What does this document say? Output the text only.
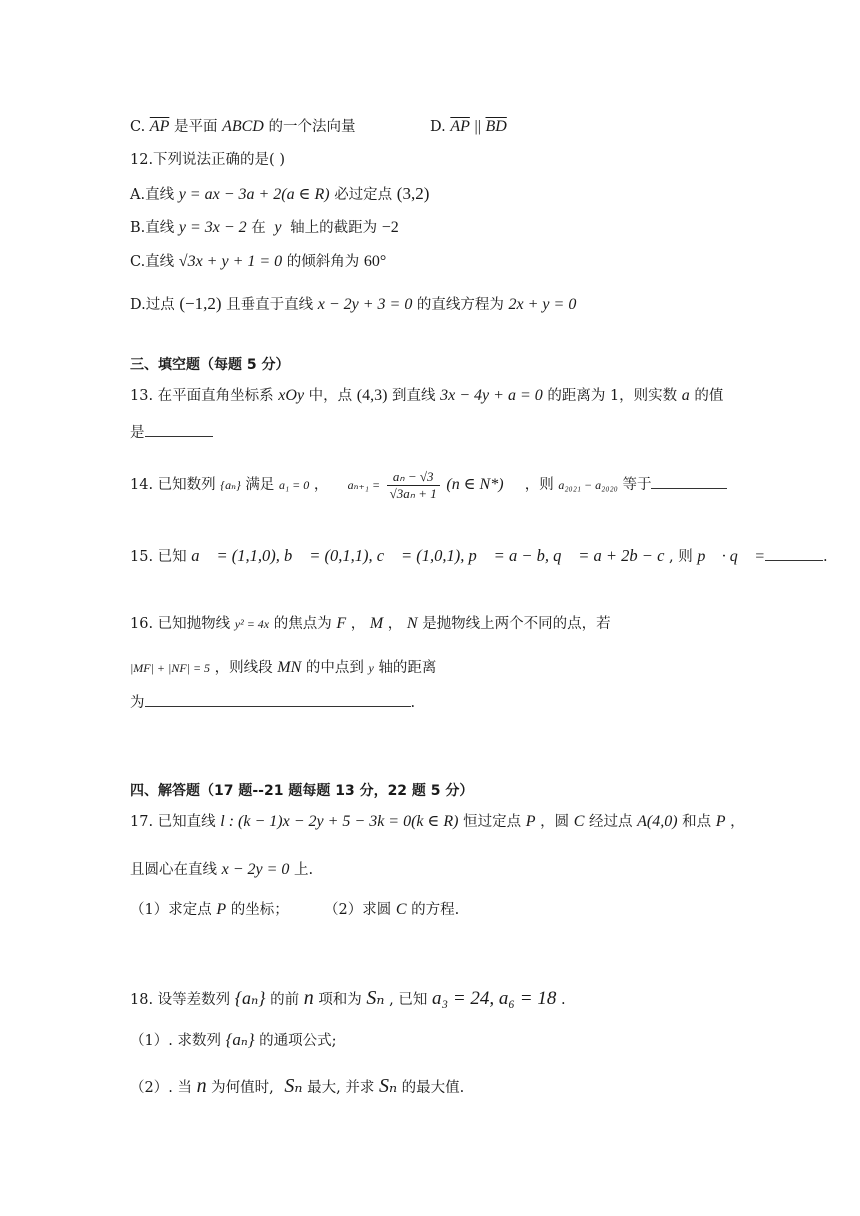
C. $\overline{AP}$ 是平面 ABCD 的一个法向量	D. $\overline{AP}$ || $\overline{BD}$
12.下列说法正确的是( )
A.直线 y = ax − 3a + 2(a ∈ R) 必过定点 (3,2)
B.直线 y = 3x − 2 在 y 轴上的截距为 −2
C.直线 √3x + y + 1 = 0 的倾斜角为 60°
D.过点 (−1,2) 且垂直于直线 x − 2y + 3 = 0 的直线方程为 2x + y = 0
三、填空题（每题 5 分）
13. 在平面直角坐标系 xOy 中，点 (4,3) 到直线 3x − 4y + a = 0 的距离为 1，则实数 a 的值
是
14. 已知数列 {aₙ} 满足 a₁ = 0 ， $a_{n+1} = \frac{\text{aₙ − √3}}{\text{√3aₙ + 1}} (n$ ∈ N*) ，则 a₂₀₂₁ − a₂₀₂₀ 等于
15. 已知 a⃗ = (1,1,0), b⃗ = (0,1,1), c⃗ = (1,0,1), p⃗ = a − b, q⃗ = a + 2b − c , 则 p⃗ · q⃗ =	.
16. 已知抛物线 y² = 4x 的焦点为 F ， M ， N 是抛物线上两个不同的点，若
|MF| + |NF| = 5 ，则线段 MN 的中点到 y 轴的距离
为	.
四、解答题（17 题--21 题每题 13 分，22 题 5 分）
17. 已知直线 l : (k − 1)x − 2y + 5 − 3k = 0(k ∈ R) 恒过定点 P ，圆 C 经过点 A(4,0) 和点 P ，
且圆心在直线 x − 2y = 0 上.
（1）求定点 P 的坐标； （2）求圆 C 的方程.
18. 设等差数列 {aₙ} 的前 n 项和为 Sₙ , 已知 a₃ = 24, a₆ = 18 .
（1）. 求数列 {aₙ} 的通项公式;
（2）. 当 n 为何值时, Sₙ 最大, 并求 Sₙ 的最大值.
